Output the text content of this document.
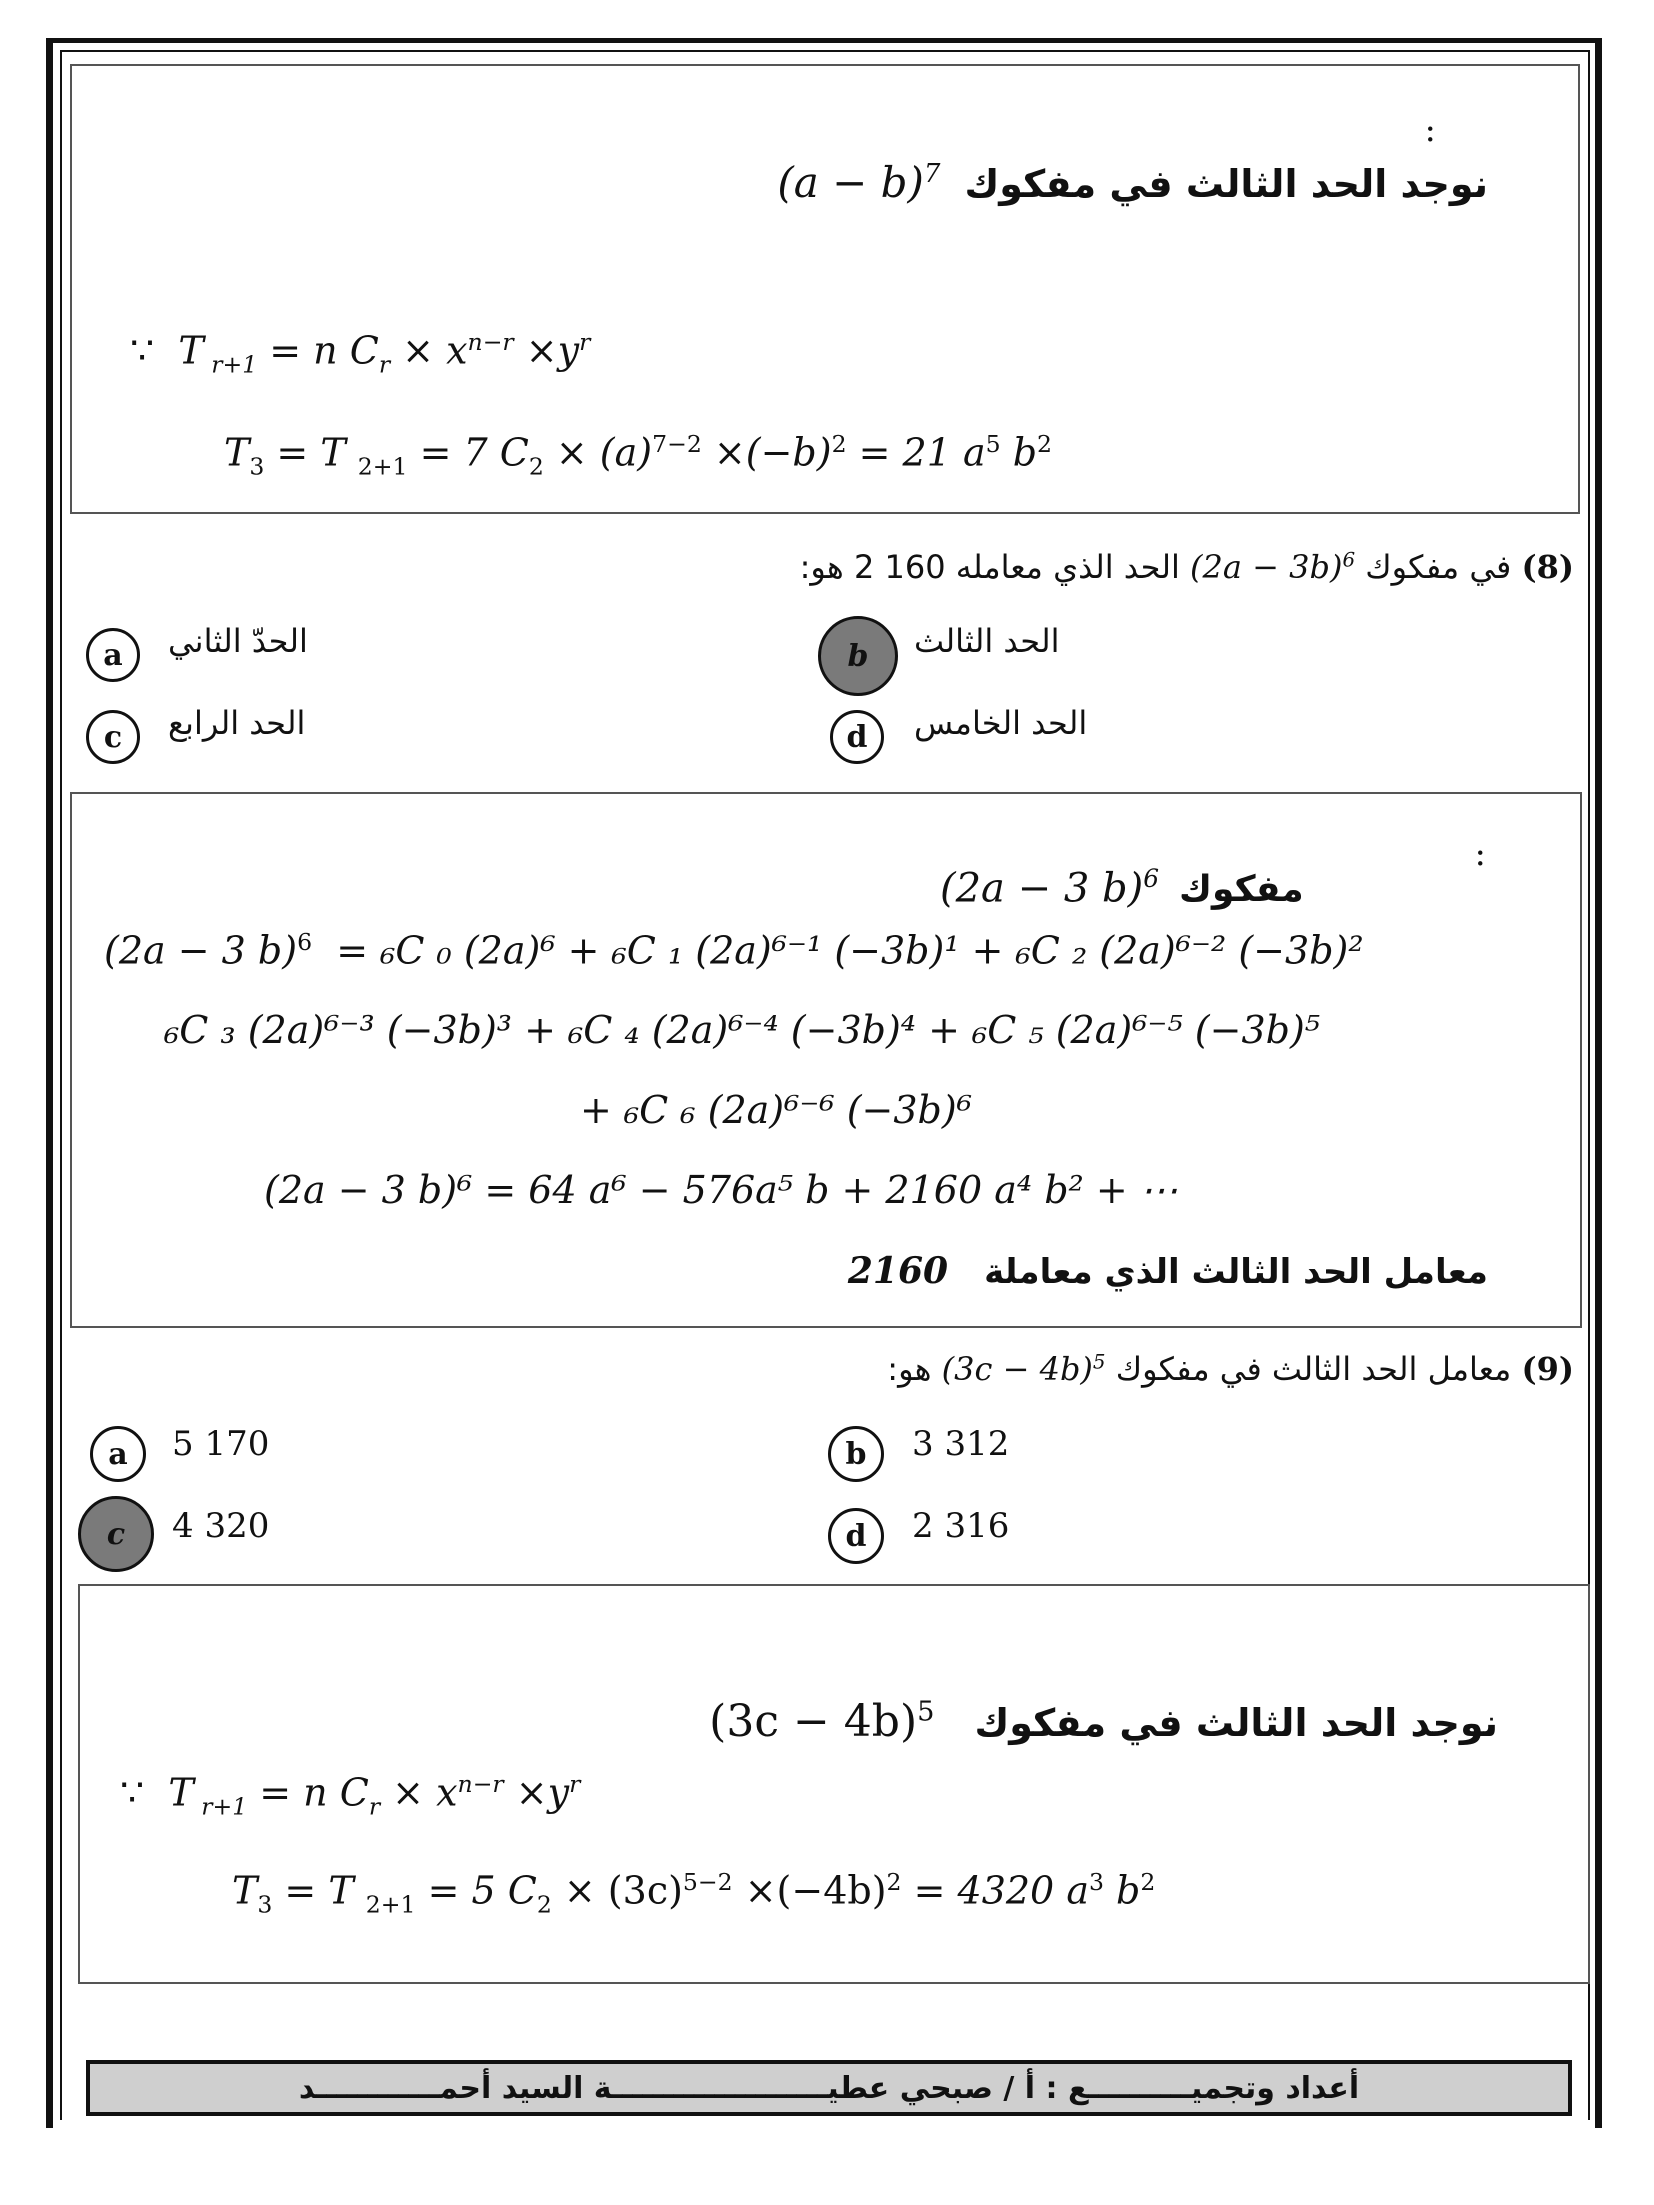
:
$(a - b)^7$ نوجد الحد الثالث في مفكوك
∵ T $_{r+1}$ = n $C_r \times x^{n-r} \times y^r$
$T_3 = T$ $_{2+1}$ = 7 $C_2 \times (a)^{7-2} \times(-b)^2 = 21$ $a^5$ $b^2$
(8) في مفكوك $(2a - 3b)^6$ الحد الذي معامله 160 2 هو:
a الحدّ الثاني	b الحد الثالث
c الحد الرابع	d الحد الخامس
:
(2a − 3 b)$^6$ مفكوك
(2a − 3 b)$^6$ = ₆C ₀ (2a)⁶ + ₆C ₁ (2a)⁶⁻¹ (−3b)¹ + ₆C ₂ (2a)⁶⁻² (−3b)²
₆C ₃ (2a)⁶⁻³ (−3b)³ + ₆C ₄ (2a)⁶⁻⁴ (−3b)⁴ + ₆C ₅ (2a)⁶⁻⁵ (−3b)⁵
+ ₆C ₆ (2a)⁶⁻⁶ (−3b)⁶
(2a − 3 b)⁶ = 64 a⁶ − 576a⁵ b + 2160 a⁴ b² + ⋯
2160 معامل الحد الثالث الذي معاملة
(9) معامل الحد الثالث في مفكوك $(3c - 4b)^5$ هو:
a 5 170	b 3 312
c 4 320	d 2 316
$(3c - 4b)^5$ نوجد الحد الثالث في مفكوك
∵ T $_{r+1}$ = n $C_r \times x^{n-r} \times y^r$
$T_3 = T$ $_{2+1}$ = 5 $C_2 \times (3c)^{5-2} \times(-4b)^2 = 4320$ $a^3$ $b^2$
أعداد وتجميــــــــــع : أ / صبحي عطيـــــــــــــــــــــة السيد أحمــــــــــــد
